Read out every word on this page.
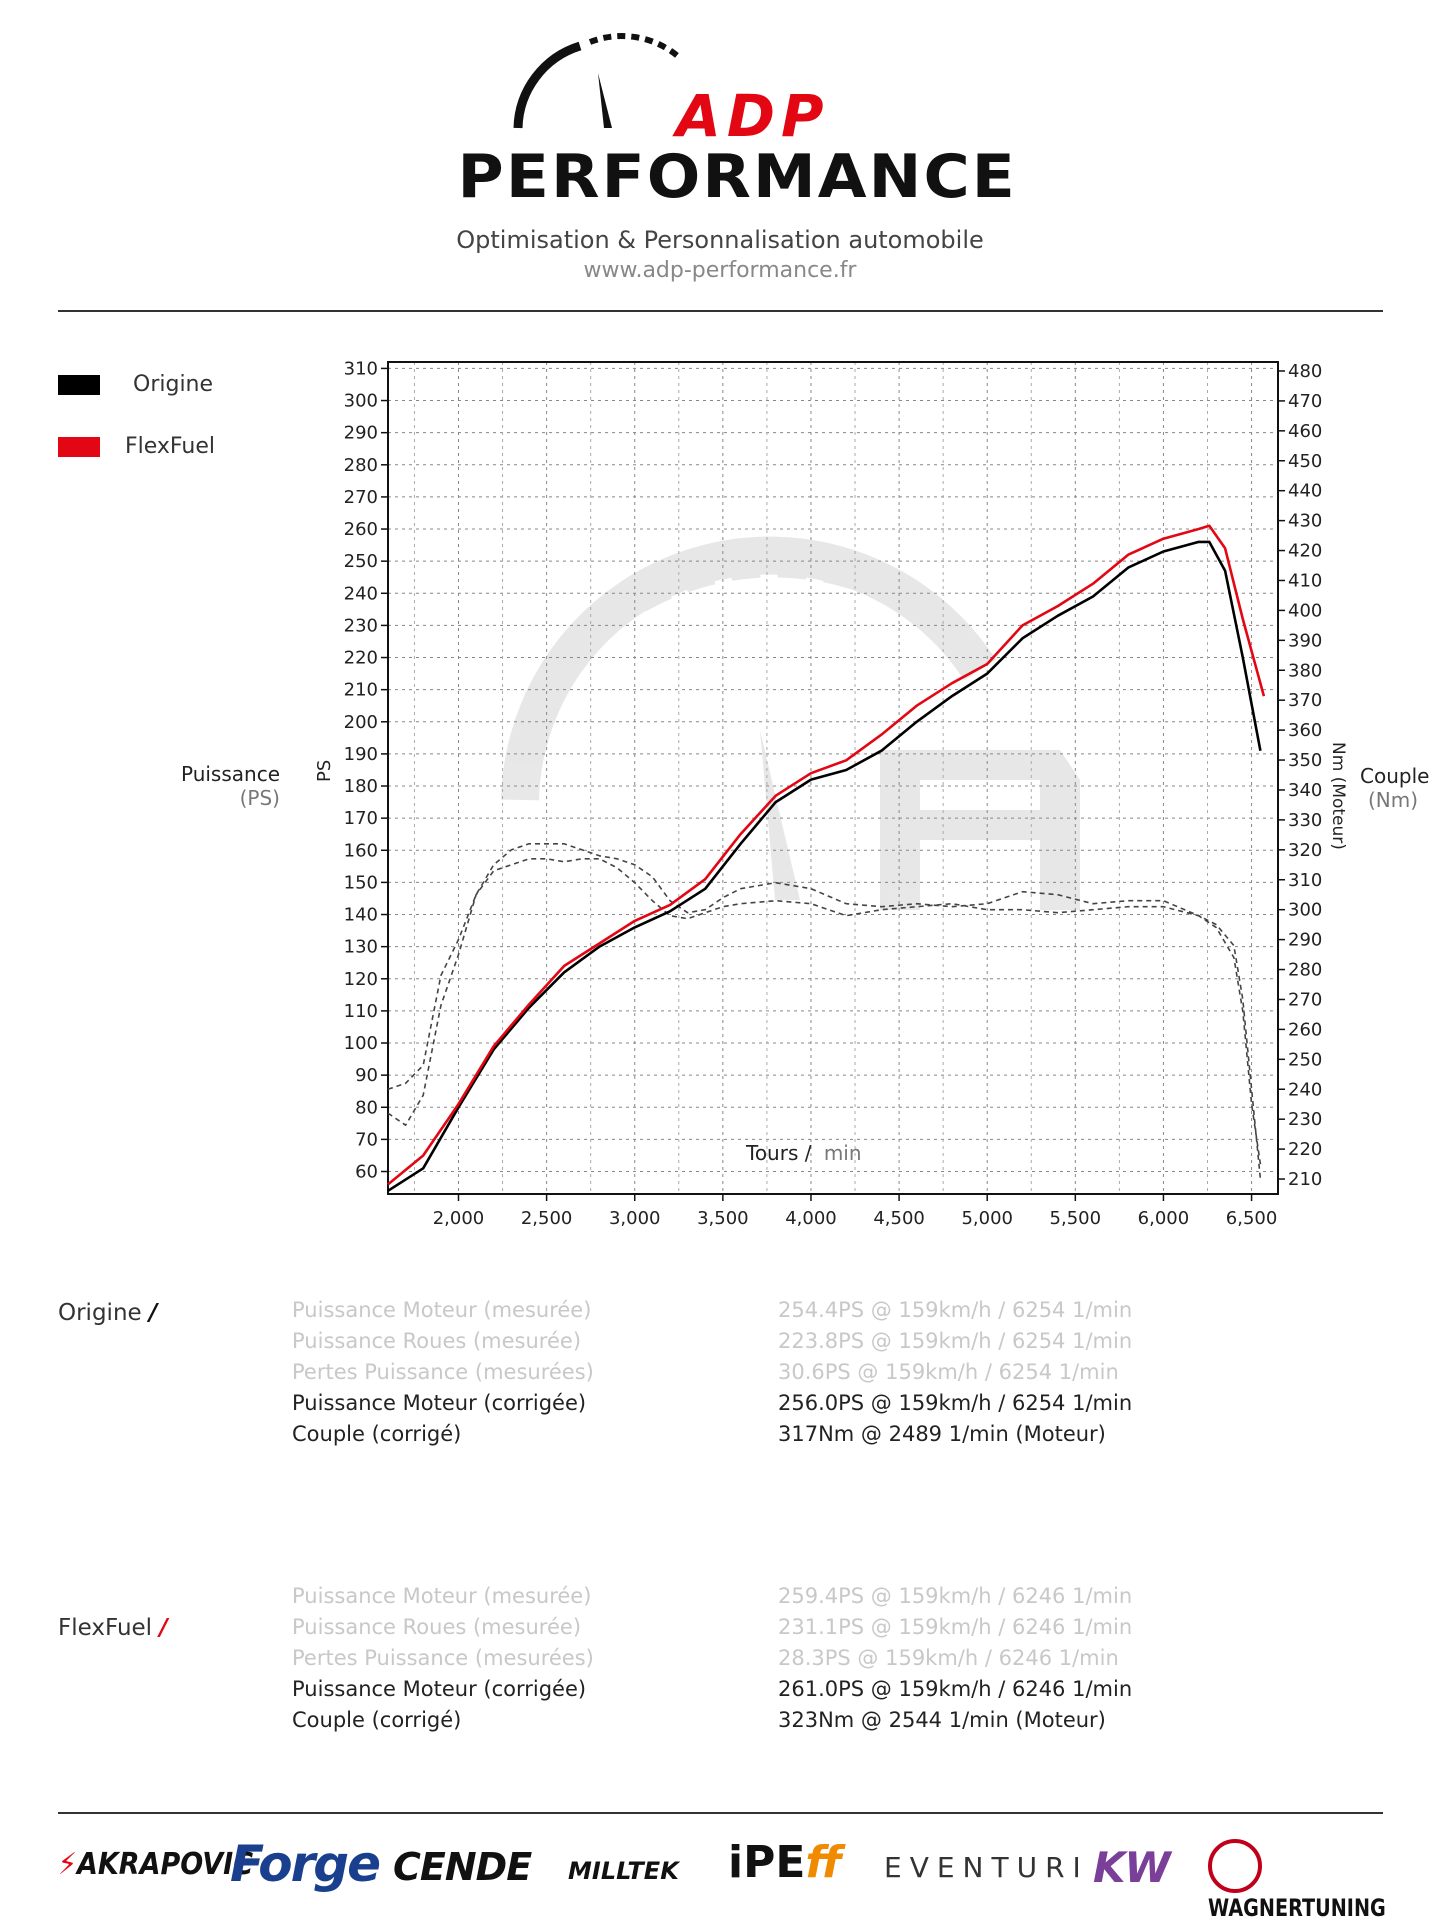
ADP
PERFORMANCE
Optimisation & Personnalisation automobile
www.adp-performance.fr
Origine
FlexFuel
Puissance
(PS)
Couple
(Nm)
60
70
80
90
100
110
120
130
140
150
160
170
180
190
200
210
220
230
240
250
260
270
280
290
300
310
210
220
230
240
250
260
270
280
290
300
310
320
330
340
350
360
370
380
390
400
410
420
430
440
450
460
470
480
2,000 2,500 3,000 3,500 4,000 4,500 5,000 5,500 6,000 6,500
PS	Nm (Moteur)
Tours / min
Origine /	Puissance Moteur (mesurée)	254.4PS @ 159km/h / 6254 1/min
Puissance Roues (mesurée)	223.8PS @ 159km/h / 6254 1/min
Pertes Puissance (mesurées)	30.6PS @ 159km/h / 6254 1/min
Puissance Moteur (corrigée)	256.0PS @ 159km/h / 6254 1/min
Couple (corrigé)	317Nm @ 2489 1/min (Moteur)
FlexFuel /
Puissance Moteur (mesurée)	259.4PS @ 159km/h / 6246 1/min
Puissance Roues (mesurée)	231.1PS @ 159km/h / 6246 1/min
Pertes Puissance (mesurées)	28.3PS @ 159km/h / 6246 1/min
Puissance Moteur (corrigée)	261.0PS @ 159km/h / 6246 1/min
Couple (corrigé)	323Nm @ 2544 1/min (Moteur)
⚡AKRAPOVIČ
Forge CENDE MILLTEK iPEff EVENTURI KW
WAGNERTUNING
